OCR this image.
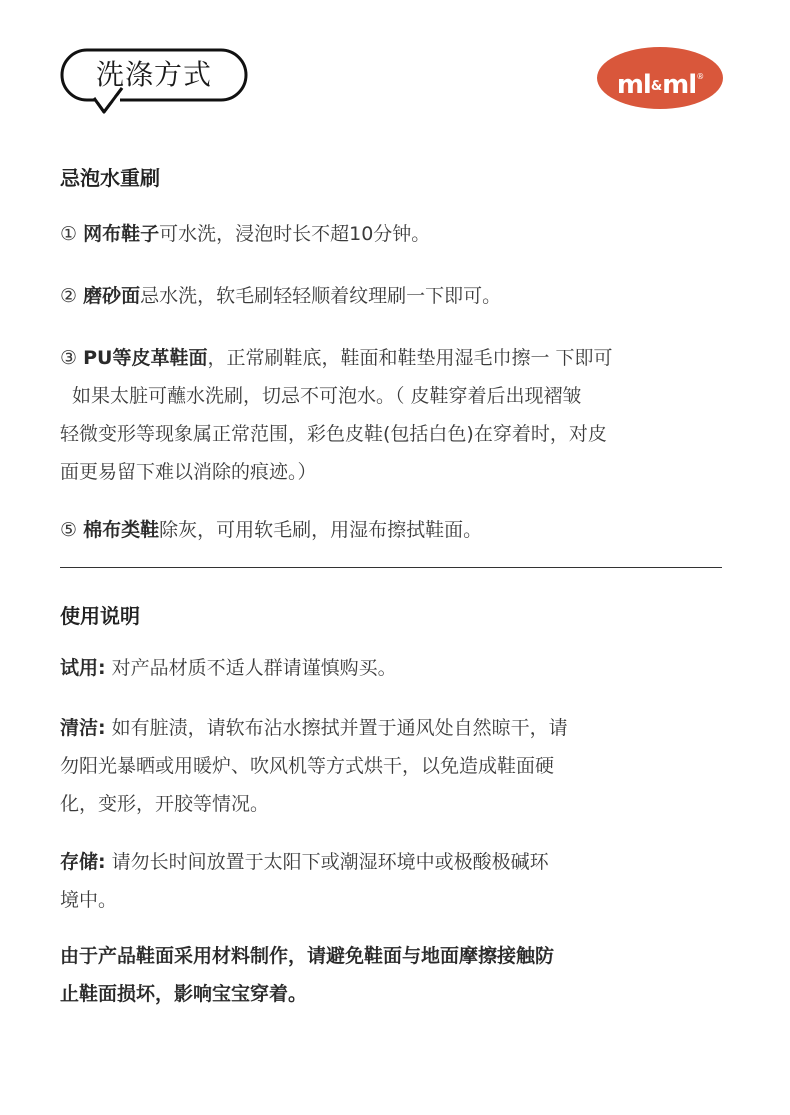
洗涤方式	ml&ml®

忌泡水重刷

① 网布鞋子可水洗，浸泡时长不超10分钟。

② 磨砂面忌水洗，软毛刷轻轻顺着纹理刷一下即可。

③ PU等皮革鞋面，正常刷鞋底，鞋面和鞋垫用湿毛巾擦一 下即可
如果太脏可蘸水洗刷，切忌不可泡水。（ 皮鞋穿着后出现褶皱
轻微变形等现象属正常范围，彩色皮鞋(包括白色)在穿着时，对皮
面更易留下难以消除的痕迹。）

⑤ 棉布类鞋除灰，可用软毛刷，用湿布擦拭鞋面。

使用说明

试用: 对产品材质不适人群请谨慎购买。

清洁: 如有脏渍，请软布沾水擦拭并置于通风处自然晾干，请
勿阳光暴晒或用暖炉、吹风机等方式烘干，以免造成鞋面硬
化，变形，开胶等情况。

存储: 请勿长时间放置于太阳下或潮湿环境中或极酸极碱环
境中。

由于产品鞋面采用材料制作，请避免鞋面与地面摩擦接触防
止鞋面损坏，影响宝宝穿着。
